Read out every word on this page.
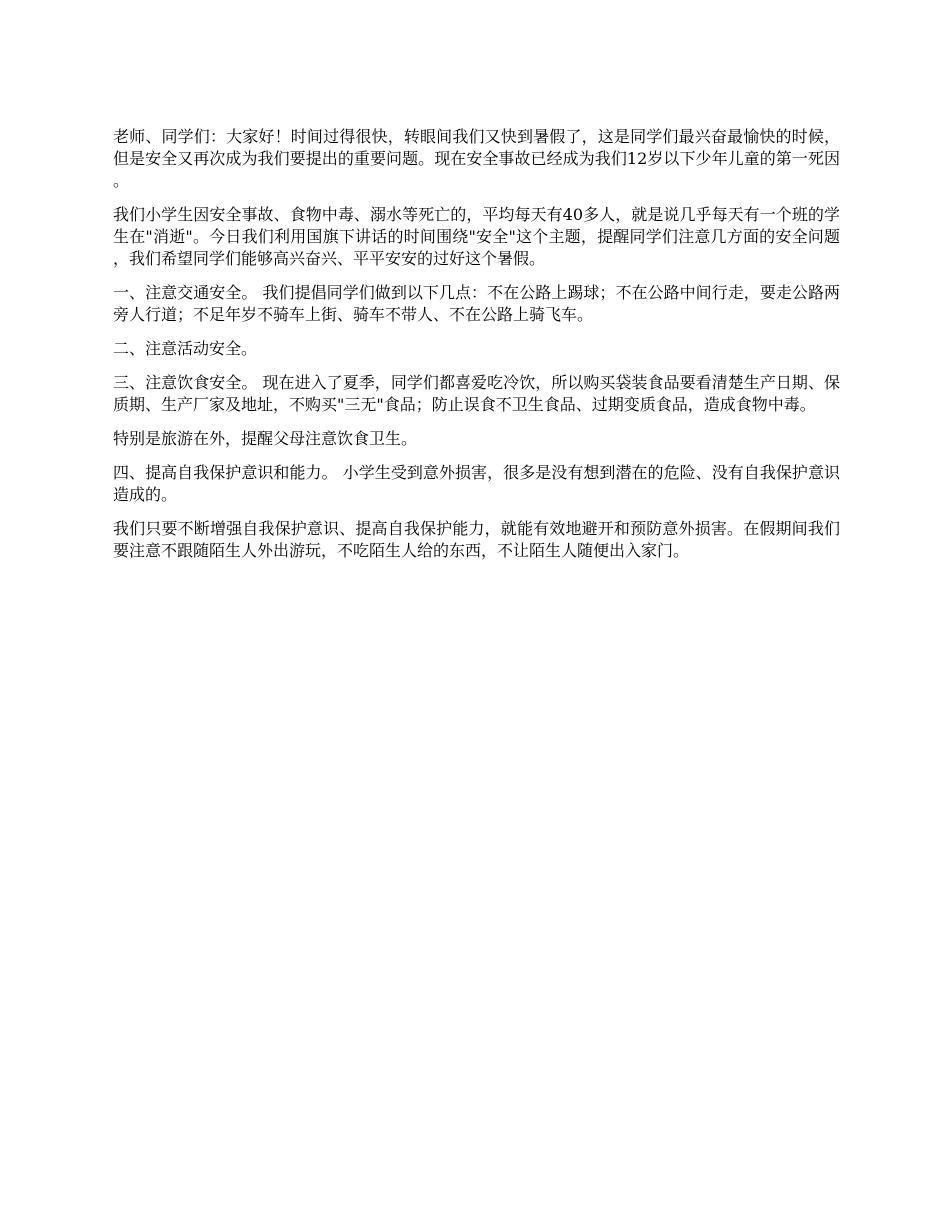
老师、同学们：大家好！时间过得很快，转眼间我们又快到暑假了，这是同学们最兴奋最愉快的时候，但是安全又再次成为我们要提出的重要问题。现在安全事故已经成为我们12岁以下少年儿童的第一死因。

我们小学生因安全事故、食物中毒、溺水等死亡的，平均每天有40多人，就是说几乎每天有一个班的学生在"消逝"。今日我们利用国旗下讲话的时间围绕"安全"这个主题，提醒同学们注意几方面的安全问题，我们希望同学们能够高兴奋兴、平平安安的过好这个暑假。

一、注意交通安全。 我们提倡同学们做到以下几点：不在公路上踢球；不在公路中间行走，要走公路两旁人行道；不足年岁不骑车上街、骑车不带人、不在公路上骑飞车。

二、注意活动安全。

三、注意饮食安全。 现在进入了夏季，同学们都喜爱吃冷饮，所以购买袋装食品要看清楚生产日期、保质期、生产厂家及地址，不购买"三无"食品；防止误食不卫生食品、过期变质食品，造成食物中毒。

特别是旅游在外，提醒父母注意饮食卫生。

四、提高自我保护意识和能力。 小学生受到意外损害，很多是没有想到潜在的危险、没有自我保护意识造成的。

我们只要不断增强自我保护意识、提高自我保护能力，就能有效地避开和预防意外损害。在假期间我们要注意不跟随陌生人外出游玩，不吃陌生人给的东西，不让陌生人随便出入家门。
